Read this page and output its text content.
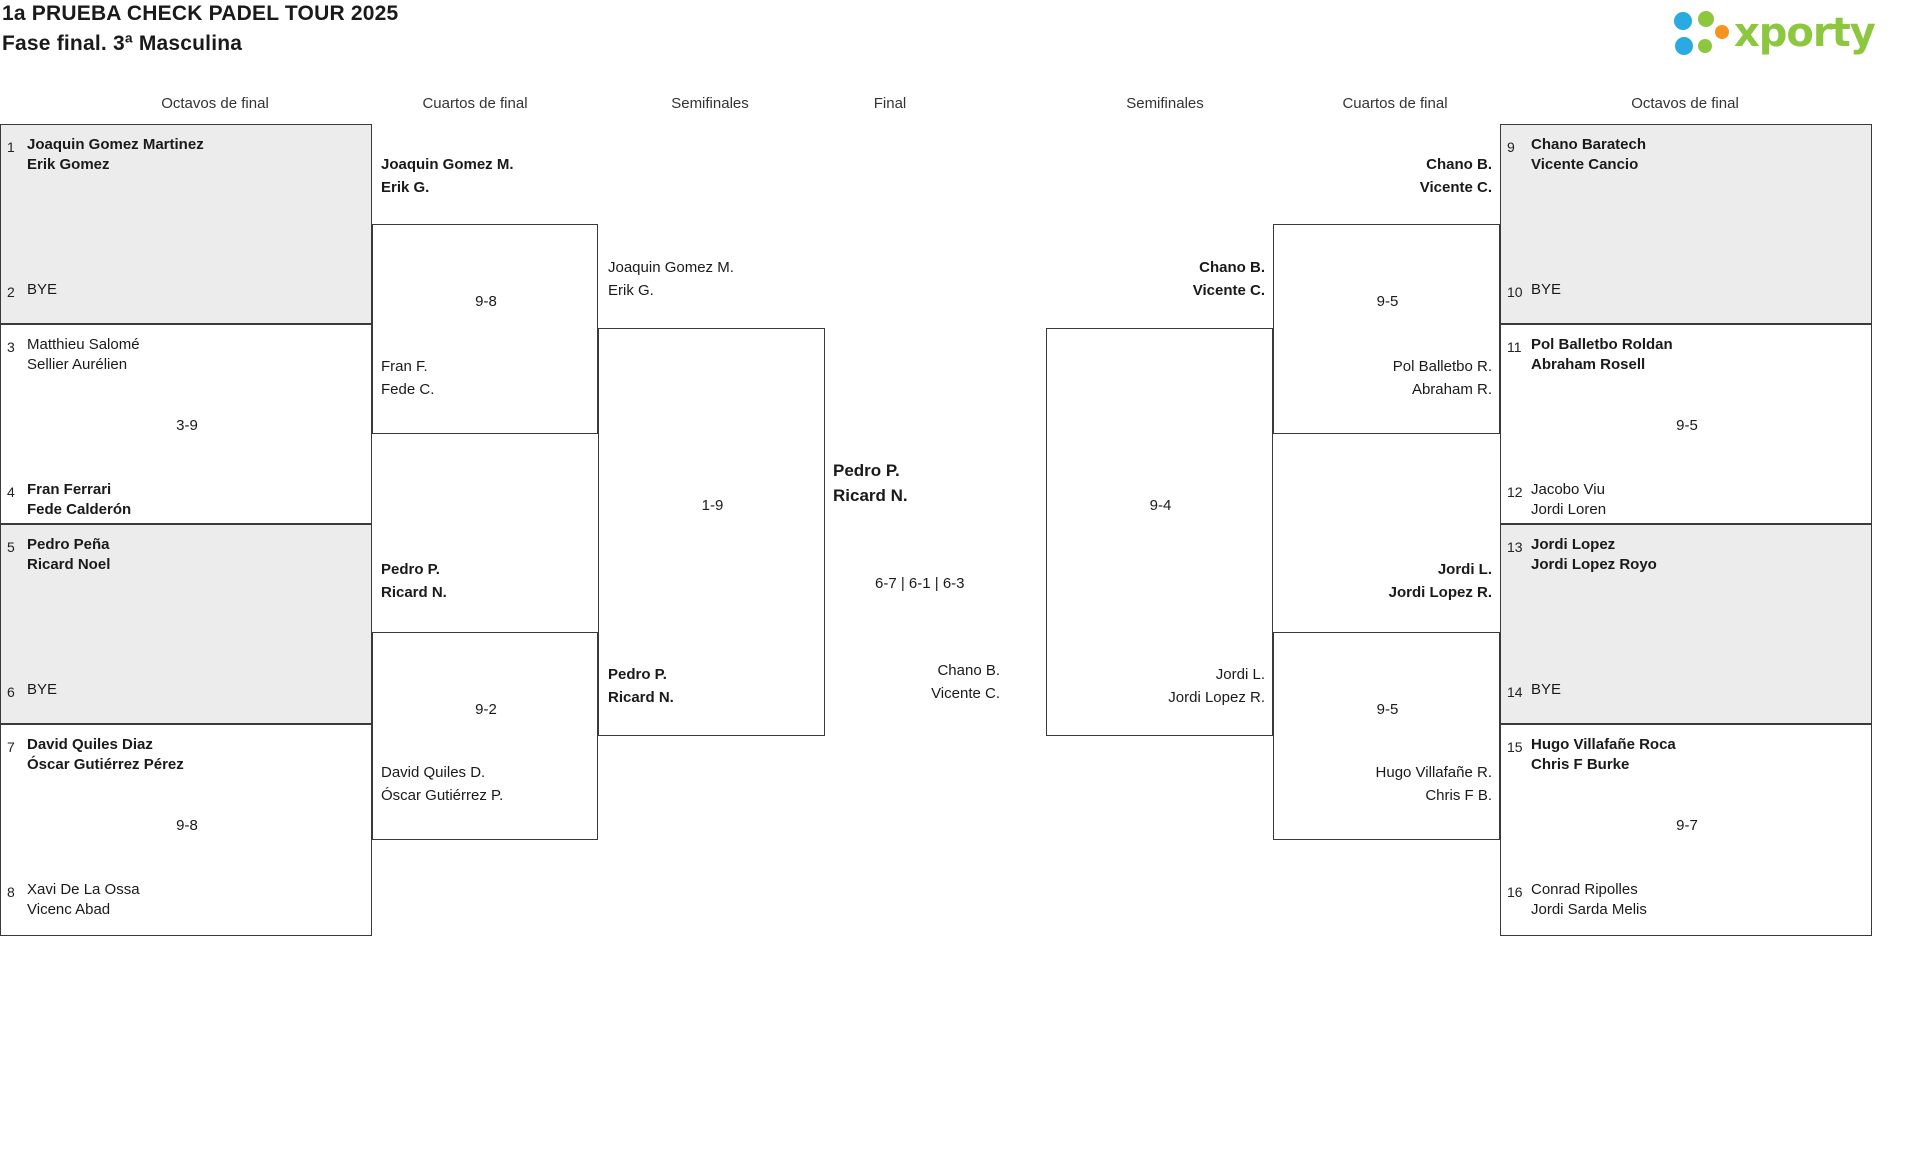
1a PRUEBA CHECK PADEL TOUR 2025
Fase final. 3ª Masculina	xporty
Octavos de final	Cuartos de final	Semifinales	Final	Semifinales	Cuartos de final	Octavos de final
1 Joaquin Gomez Martinez
Erik Gomez
2 BYE
3 Matthieu Salomé
Sellier Aurélien
3-9
4 Fran Ferrari
Fede Calderón
5 Pedro Peña
Ricard Noel
6 BYE
7 David Quiles Diaz
Óscar Gutiérrez Pérez
9-8
8 Xavi De La Ossa
Vicenc Abad
9-8
Joaquin Gomez M.
Erik G.
Fran F.
Fede C.
9-2
Pedro P.
Ricard N.
David Quiles D.
Óscar Gutiérrez P.
1-9
Joaquin Gomez M.
Erik G.
Pedro P.
Ricard N.
Pedro P.
Ricard N.
6-7 | 6-1 | 6-3
Chano B.
Vicente C.
9-4
Chano B.
Vicente C.
Jordi L.
Jordi Lopez R.
9-5
Chano B.
Vicente C.
Pol Balletbo R.
Abraham R.
9-5
Jordi L.
Jordi Lopez R.
Hugo Villafañe R.
Chris F B.
9 Chano Baratech
Vicente Cancio
10 BYE
11 Pol Balletbo Roldan
Abraham Rosell
9-5
12 Jacobo Viu
Jordi Loren
13 Jordi Lopez
Jordi Lopez Royo
14 BYE
15 Hugo Villafañe Roca
Chris F Burke
9-7
16 Conrad Ripolles
Jordi Sarda Melis
